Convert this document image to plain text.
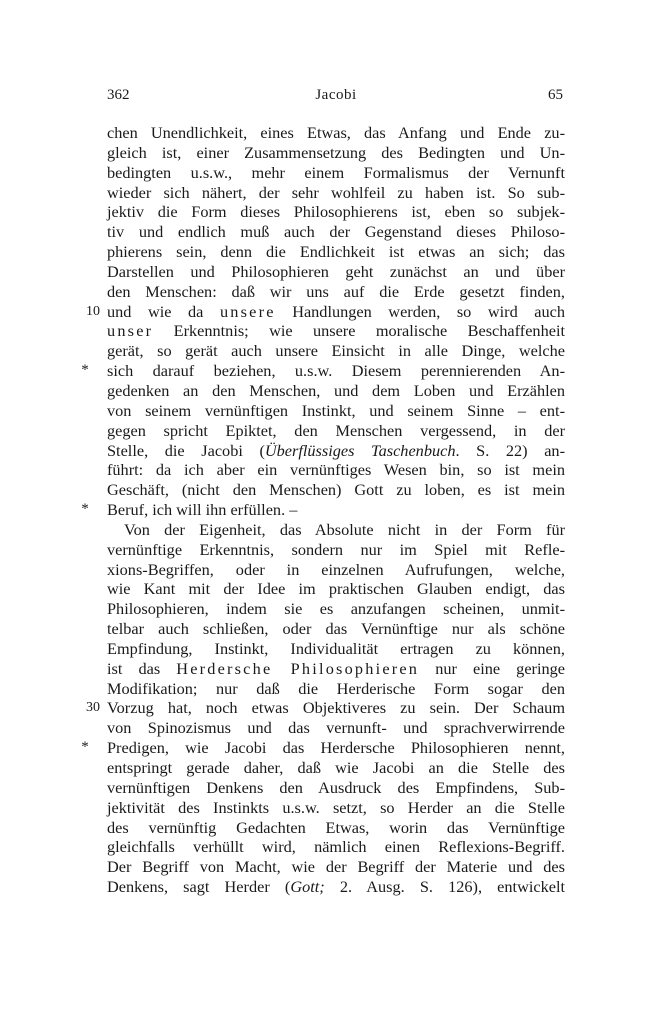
362	Jacobi	65
chen Unendlichkeit, eines Etwas, das Anfang und Ende zu-
gleich ist, einer Zusammensetzung des Bedingten und Un-
bedingten u.s.w., mehr einem Formalismus der Vernunft
wieder sich nähert, der sehr wohlfeil zu haben ist. So sub-
jektiv die Form dieses Philosophierens ist, eben so subjek-
tiv und endlich muß auch der Gegenstand dieses Philoso-
phierens sein, denn die Endlichkeit ist etwas an sich; das
Darstellen und Philosophieren geht zunächst an und über
den Menschen: daß wir uns auf die Erde gesetzt finden,
10 und wie da unsere Handlungen werden, so wird auch
unser Erkenntnis; wie unsere moralische Beschaffenheit
gerät, so gerät auch unsere Einsicht in alle Dinge, welche
* sich darauf beziehen, u.s.w. Diesem perennierenden An-
gedenken an den Menschen, und dem Loben und Erzählen
von seinem vernünftigen Instinkt, und seinem Sinne – ent-
gegen spricht Epiktet, den Menschen vergessend, in der
Stelle, die Jacobi (Überflüssiges Taschenbuch. S. 22) an-
führt: da ich aber ein vernünftiges Wesen bin, so ist mein
Geschäft, (nicht den Menschen) Gott zu loben, es ist mein
* Beruf, ich will ihn erfüllen. –
Von der Eigenheit, das Absolute nicht in der Form für
vernünftige Erkenntnis, sondern nur im Spiel mit Refle-
xions-Begriffen, oder in einzelnen Aufrufungen, welche,
wie Kant mit der Idee im praktischen Glauben endigt, das
Philosophieren, indem sie es anzufangen scheinen, unmit-
telbar auch schließen, oder das Vernünftige nur als schöne
Empfindung, Instinkt, Individualität ertragen zu können,
ist das Herdersche Philosophieren nur eine geringe
Modifikation; nur daß die Herderische Form sogar den
30 Vorzug hat, noch etwas Objektiveres zu sein. Der Schaum
von Spinozismus und das vernunft- und sprachverwirrende
* Predigen, wie Jacobi das Herdersche Philosophieren nennt,
entspringt gerade daher, daß wie Jacobi an die Stelle des
vernünftigen Denkens den Ausdruck des Empfindens, Sub-
jektivität des Instinkts u.s.w. setzt, so Herder an die Stelle
des vernünftig Gedachten Etwas, worin das Vernünftige
gleichfalls verhüllt wird, nämlich einen Reflexions-Begriff.
Der Begriff von Macht, wie der Begriff der Materie und des
Denkens, sagt Herder (Gott; 2. Ausg. S. 126), entwickelt
